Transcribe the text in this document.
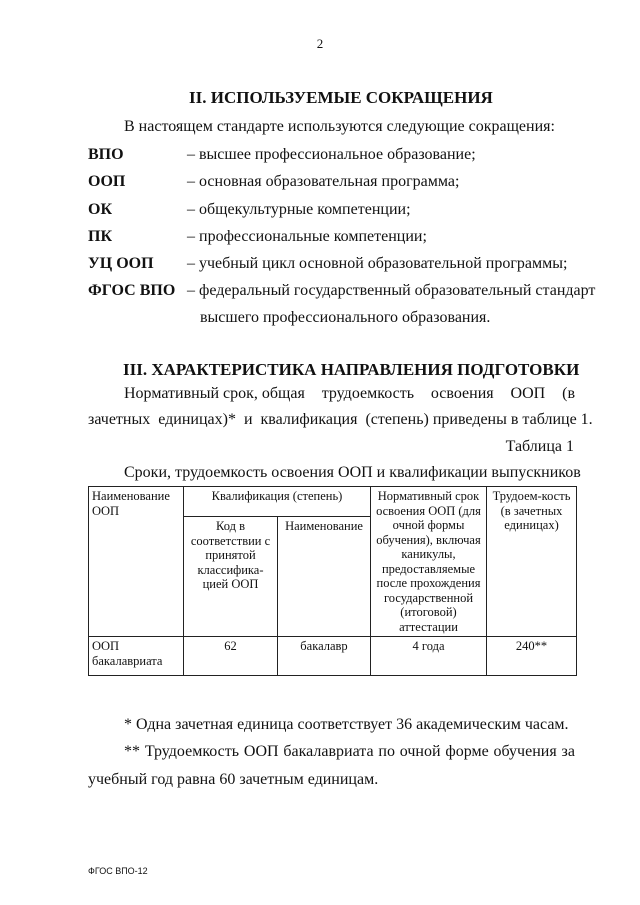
2
II. ИСПОЛЬЗУЕМЫЕ СОКРАЩЕНИЯ
В настоящем стандарте используются следующие сокращения:
ВПО	– высшее профессиональное образование;
ООП	– основная образовательная программа;
ОК	– общекультурные компетенции;
ПК	– профессиональные компетенции;
УЦ ООП – учебный цикл основной образовательной программы;
ФГОС ВПО – федеральный государственный образовательный стандарт
высшего профессионального образования.
III. ХАРАКТЕРИСТИКА НАПРАВЛЕНИЯ ПОДГОТОВКИ
Нормативный срок, общая трудоемкость освоения ООП (в
зачетных  единицах)*  и  квалификация  (степень) приведены в таблице 1.
Таблица 1
Сроки, трудоемкость освоения ООП и квалификации выпускников
Наименование ООП	Квалификация (степень)		Нормативный срок освоения ООП (для очной формы обучения), включая каникулы, предоставляемые после прохождения государственной (итоговой) аттестации	Трудоем-кость (в зачетных единицах)
	Код в соответствии с принятой классифика-цией ООП	Наименование		
ООП бакалавриата	62	бакалавр	4 года	240**
* Одна зачетная единица соответствует 36 академическим часам.
** Трудоемкость ООП бакалавриата по очной форме обучения за
учебный год равна 60 зачетным единицам.
ФГОС ВПО-12
